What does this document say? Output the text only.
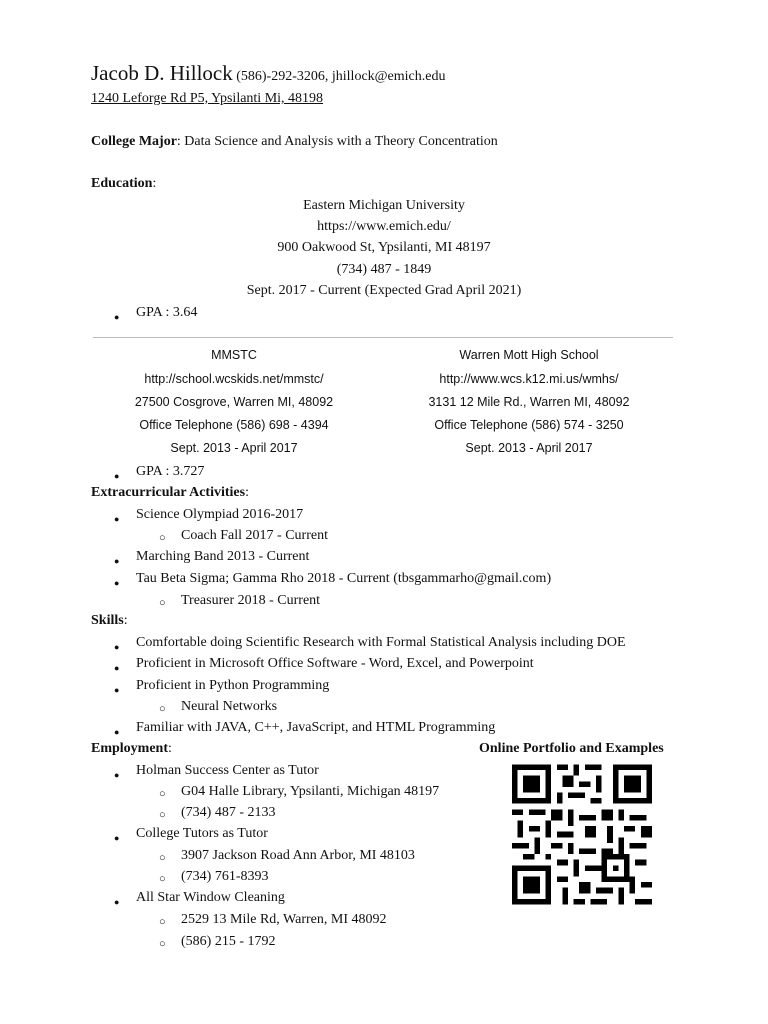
Jacob D. Hillock (586)-292-3206, jhillock@emich.edu
1240 Leforge Rd P5, Ypsilanti Mi, 48198
College Major: Data Science and Analysis with a Theory Concentration
Education:
Eastern Michigan University
https://www.emich.edu/
900 Oakwood St, Ypsilanti, MI 48197
(734) 487 - 1849
Sept. 2017 - Current (Expected Grad April 2021)
● GPA : 3.64
MMSTC
http://school.wcskids.net/mmstc/
27500 Cosgrove, Warren MI, 48092
Office Telephone (586) 698 - 4394
Sept. 2013 - April 2017
Warren Mott High School
http://www.wcs.k12.mi.us/wmhs/
3131 12 Mile Rd., Warren MI, 48092
Office Telephone (586) 574 - 3250
Sept. 2013 - April 2017
● GPA : 3.727
Extracurricular Activities:
● Science Olympiad 2016-2017
○ Coach Fall 2017 - Current
● Marching Band 2013 - Current
● Tau Beta Sigma; Gamma Rho 2018 - Current (tbsgammarho@gmail.com)
○ Treasurer 2018 - Current
Skills:
● Comfortable doing Scientific Research with Formal Statistical Analysis including DOE
● Proficient in Microsoft Office Software - Word, Excel, and Powerpoint
● Proficient in Python Programming
○ Neural Networks
● Familiar with JAVA, C++, JavaScript, and HTML Programming
Employment:
● Holman Success Center as Tutor
○ G04 Halle Library, Ypsilanti, Michigan 48197
○ (734) 487 - 2133
● College Tutors as Tutor
○ 3907 Jackson Road Ann Arbor, MI 48103
○ (734) 761-8393
● All Star Window Cleaning
○ 2529 13 Mile Rd, Warren, MI 48092
○ (586) 215 - 1792
Online Portfolio and Examples
